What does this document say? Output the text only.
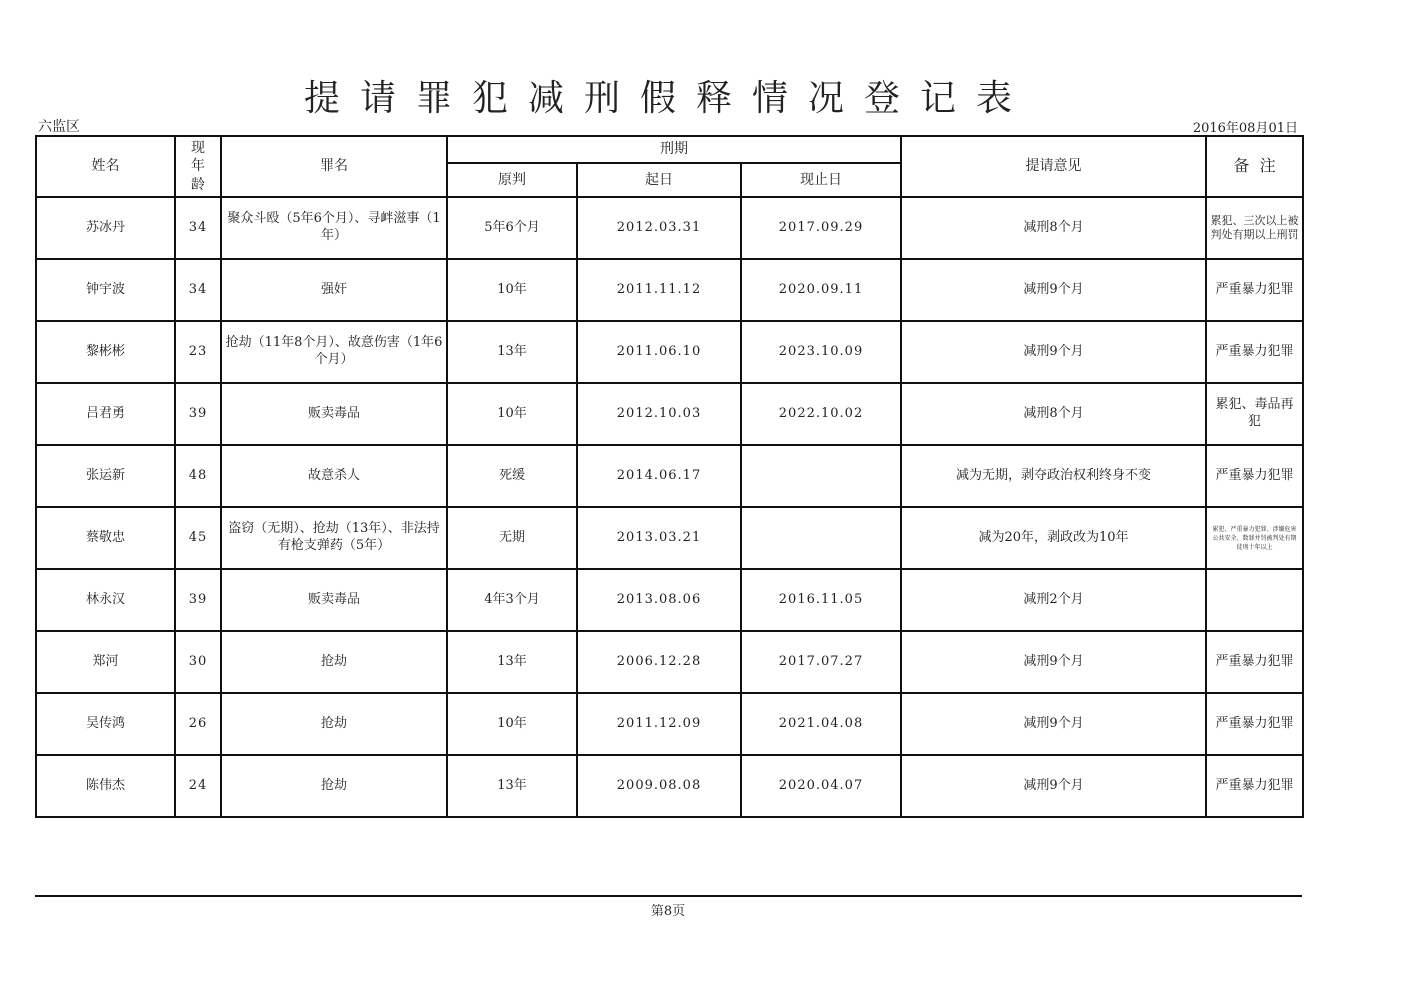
提请罪犯减刑假释情况登记表
六监区	2016年08月01日
姓名	现年龄	罪名	刑期			提请意见	备  注
			原判	起日	现止日		
苏冰丹	34	聚众斗殴（5年6个月）、寻衅滋事（1年）	5年6个月	2012.03.31	2017.09.29	减刑8个月	累犯、三次以上被判处有期以上刑罚
钟宇波	34	强奸	10年	2011.11.12	2020.09.11	减刑9个月	严重暴力犯罪
黎彬彬	23	抢劫（11年8个月）、故意伤害（1年6个月）	13年	2011.06.10	2023.10.09	减刑9个月	严重暴力犯罪
吕君勇	39	贩卖毒品	10年	2012.10.03	2022.10.02	减刑8个月	累犯、毒品再犯
张运新	48	故意杀人	死缓	2014.06.17		减为无期，剥夺政治权利终身不变	严重暴力犯罪
蔡敬忠	45	盗窃（无期）、抢劫（13年）、非法持有枪支弹药（5年）	无期	2013.03.21		减为20年，剥政改为10年	累犯、严重暴力犯罪、涉嫌危害公共安全、数罪并罚被判处有期徒刑十年以上
林永汉	39	贩卖毒品	4年3个月	2013.08.06	2016.11.05	减刑2个月	
郑河	30	抢劫	13年	2006.12.28	2017.07.27	减刑9个月	严重暴力犯罪
吴传鸿	26	抢劫	10年	2011.12.09	2021.04.08	减刑9个月	严重暴力犯罪
陈伟杰	24	抢劫	13年	2009.08.08	2020.04.07	减刑9个月	严重暴力犯罪
第8页
